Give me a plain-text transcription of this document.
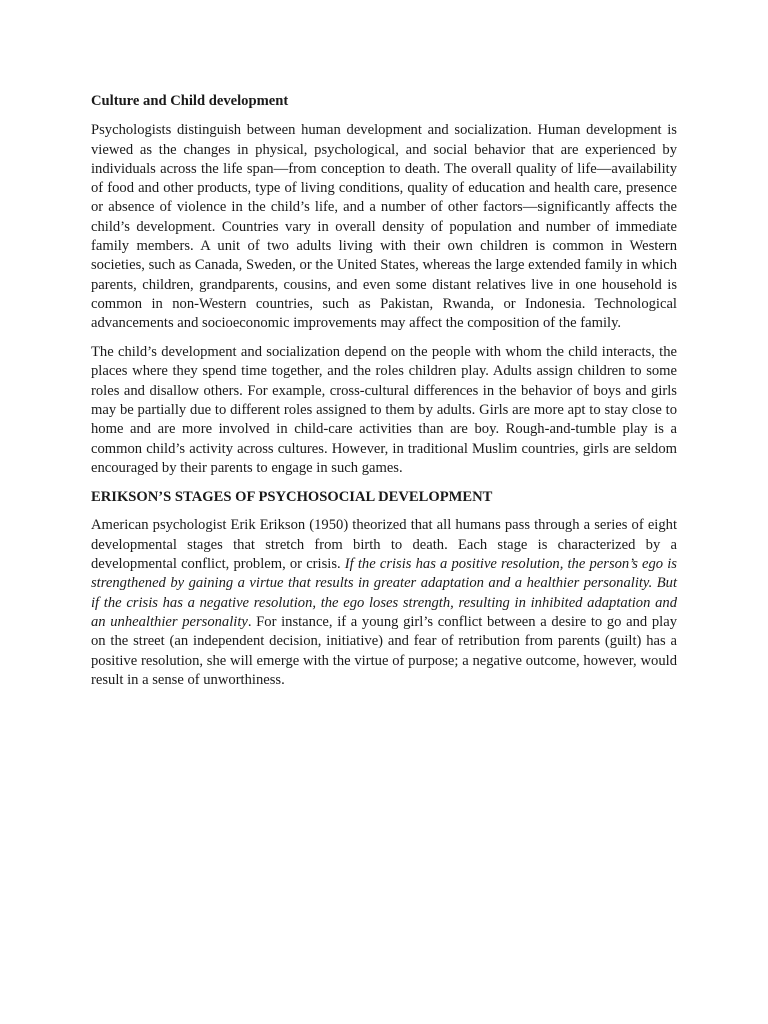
Culture and Child development

Psychologists distinguish between human development and socialization. Human development is viewed as the changes in physical, psychological, and social behavior that are experienced by individuals across the life span—from conception to death. The overall quality of life—availability of food and other products, type of living conditions, quality of education and health care, presence or absence of violence in the child’s life, and a number of other factors—significantly affects the child’s development. Countries vary in overall density of population and number of immediate family members. A unit of two adults living with their own children is common in Western societies, such as Canada, Sweden, or the United States, whereas the large extended family in which parents, children, grandparents, cousins, and even some distant relatives live in one household is common in non-Western countries, such as Pakistan, Rwanda, or Indonesia. Technological advancements and socioeconomic improvements may affect the composition of the family.

The child’s development and socialization depend on the people with whom the child interacts, the places where they spend time together, and the roles children play. Adults assign children to some roles and disallow others. For example, cross-cultural differences in the behavior of boys and girls may be partially due to different roles assigned to them by adults. Girls are more apt to stay close to home and are more involved in child-care activities than are boy. Rough-and-tumble play is a common child’s activity across cultures. However, in traditional Muslim countries, girls are seldom encouraged by their parents to engage in such games.

ERIKSON’S STAGES OF PSYCHOSOCIAL DEVELOPMENT

American psychologist Erik Erikson (1950) theorized that all humans pass through a series of eight developmental stages that stretch from birth to death. Each stage is characterized by a developmental conflict, problem, or crisis. If the crisis has a positive resolution, the person’s ego is strengthened by gaining a virtue that results in greater adaptation and a healthier personality. But if the crisis has a negative resolution, the ego loses strength, resulting in inhibited adaptation and an unhealthier personality. For instance, if a young girl’s conflict between a desire to go and play on the street (an independent decision, initiative) and fear of retribution from parents (guilt) has a positive resolution, she will emerge with the virtue of purpose; a negative outcome, however, would result in a sense of unworthiness.
